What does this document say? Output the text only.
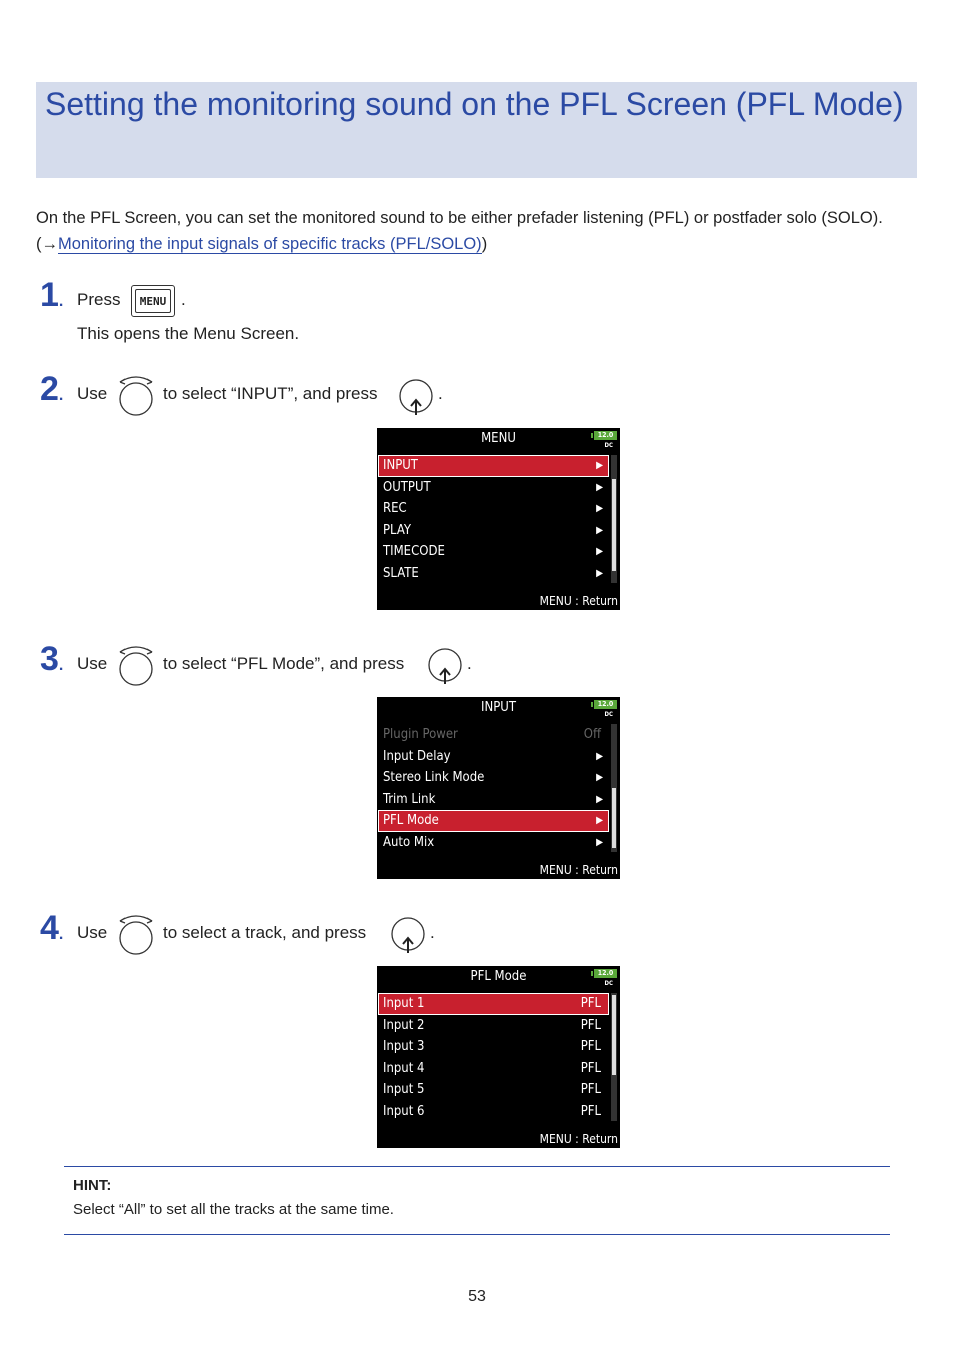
Setting the monitoring sound on the PFL Screen (PFL Mode)
On the PFL Screen, you can set the monitored sound to be either prefader listening (PFL) or postfader solo (SOLO). (→Monitoring the input signals of specific tracks (PFL/SOLO))
1. Press	MENU .
This opens the Menu Screen.
2. Use	to select “INPUT”, and press	.
MENU	12.0
DC
INPUT	▶
OUTPUT	▶
REC	▶
PLAY	▶
TIMECODE	▶
SLATE	▶
MENU : Return
3. Use	to select “PFL Mode”, and press	.
INPUT	12.0
DC
Plugin Power	Off
Input Delay	▶
Stereo Link Mode	▶
Trim Link	▶
PFL Mode	▶
Auto Mix	▶
MENU : Return
4. Use	to select a track, and press	.
PFL Mode	12.0
DC
Input 1	PFL
Input 2	PFL
Input 3	PFL
Input 4	PFL
Input 5	PFL
Input 6	PFL
MENU : Return
HINT:
Select “All” to set all the tracks at the same time.
53
